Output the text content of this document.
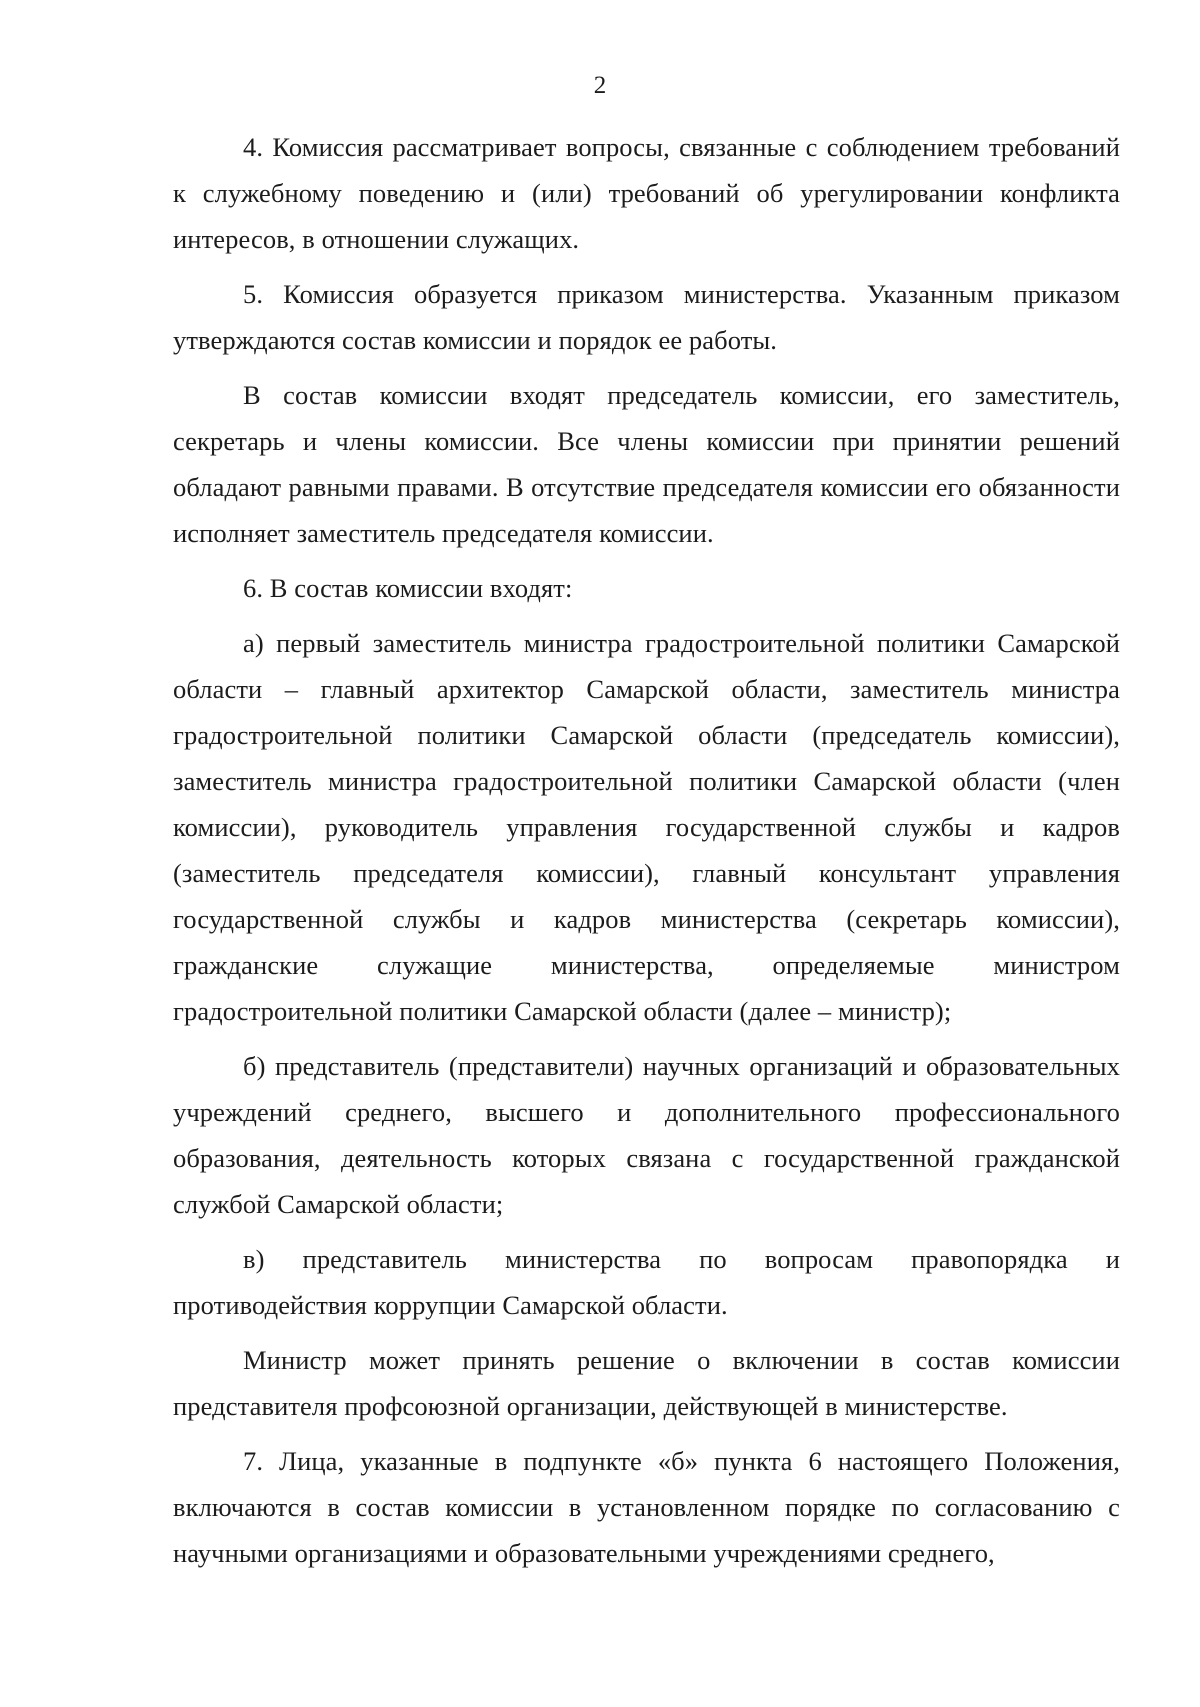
2

4. Комиссия рассматривает вопросы, связанные с соблюдением требований к служебному поведению и (или) требований об урегулировании конфликта интересов, в отношении служащих.

5. Комиссия образуется приказом министерства. Указанным приказом утверждаются состав комиссии и порядок ее работы.

В состав комиссии входят председатель комиссии, его заместитель, секретарь и члены комиссии. Все члены комиссии при принятии решений обладают равными правами. В отсутствие председателя комиссии его обязанности исполняет заместитель председателя комиссии.

6. В состав комиссии входят:

а) первый заместитель министра градостроительной политики Самарской области – главный архитектор Самарской области, заместитель министра градостроительной политики Самарской области (председатель комиссии), заместитель министра градостроительной политики Самарской области (член комиссии), руководитель управления государственной службы и кадров (заместитель председателя комиссии), главный консультант управления государственной службы и кадров министерства (секретарь комиссии), гражданские служащие министерства, определяемые министром градостроительной политики Самарской области (далее – министр);

б) представитель (представители) научных организаций и образовательных учреждений среднего, высшего и дополнительного профессионального образования, деятельность которых связана с государственной гражданской службой Самарской области;

в) представитель министерства по вопросам правопорядка и противодействия коррупции Самарской области.

Министр может принять решение о включении в состав комиссии представителя профсоюзной организации, действующей в министерстве.

7. Лица, указанные в подпункте «б» пункта 6 настоящего Положения, включаются в состав комиссии в установленном порядке по согласованию с научными организациями и образовательными учреждениями среднего,
